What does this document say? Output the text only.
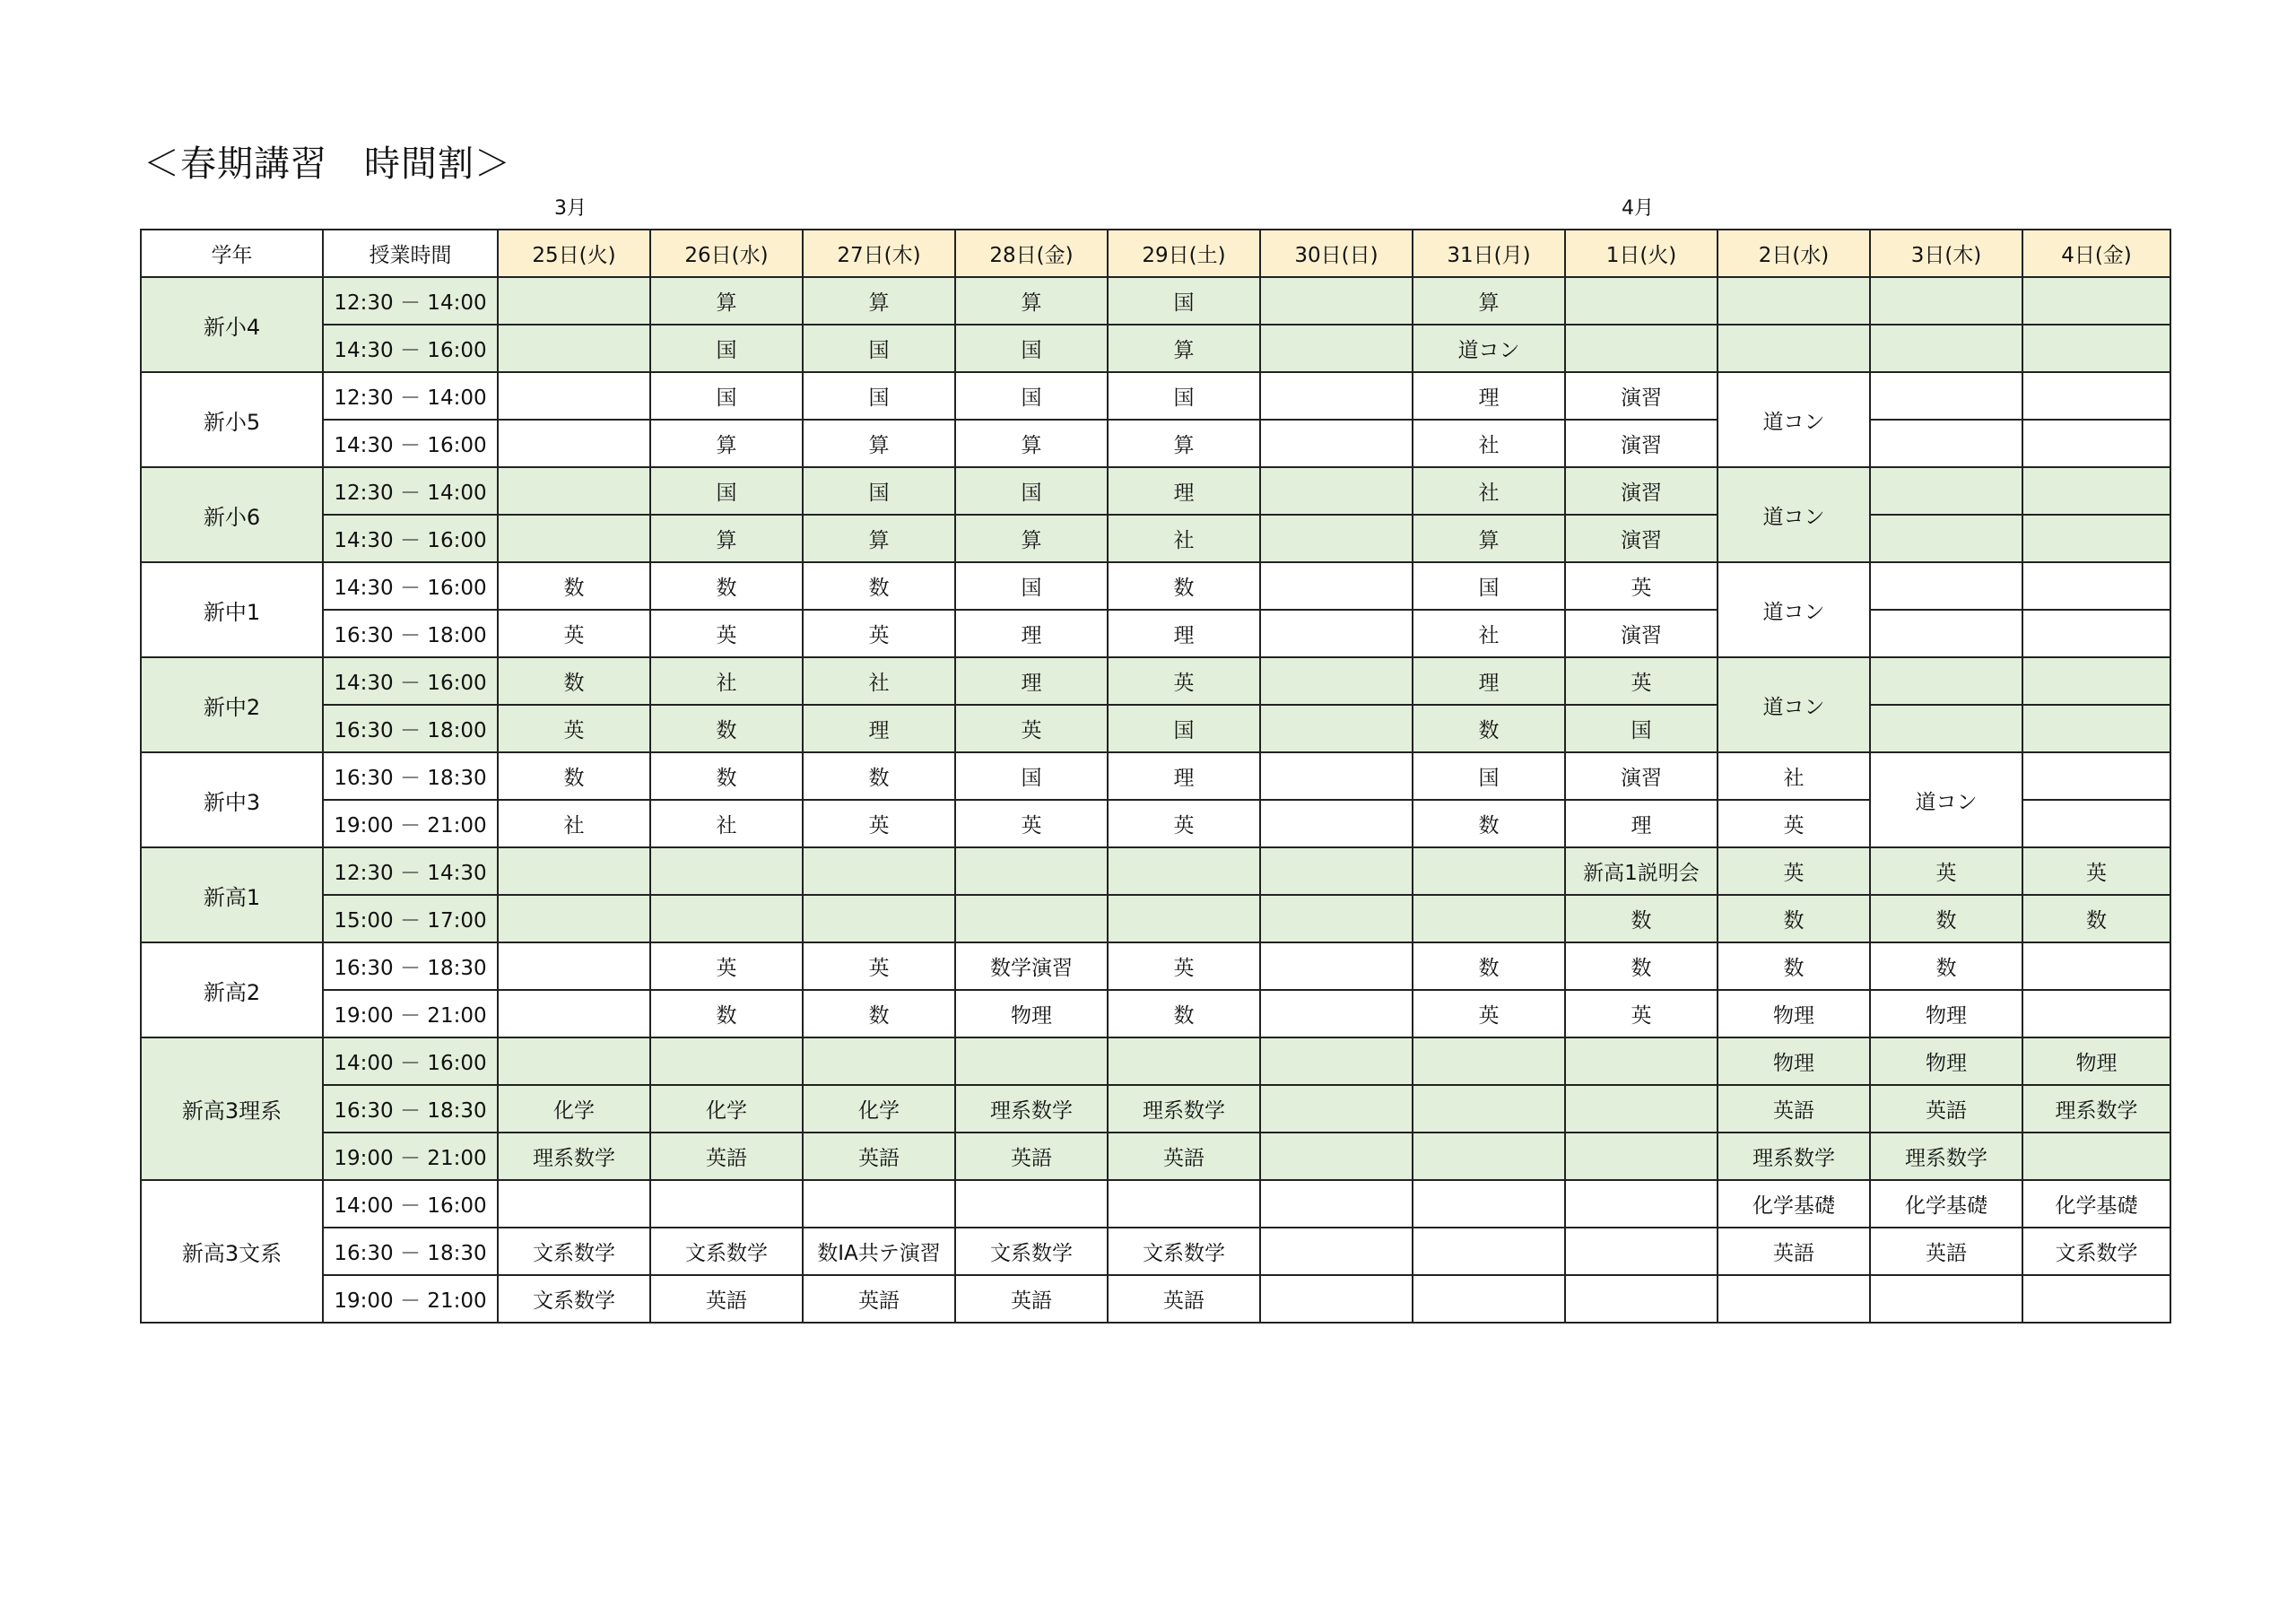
＜春期講習　時間割＞
3月	4月
学年	授業時間	25日(火)	26日(水)	27日(木)	28日(金)	29日(土)	30日(日)	31日(月)	1日(火)	2日(水)	3日(木)	4日(金)
新小4	12:30 － 14:00		算	算	算	国		算				
	14:30 － 16:00		国	国	国	算		道コン				
新小5	12:30 － 14:00		国	国	国	国		理	演習	道コン		
	14:30 － 16:00		算	算	算	算		社	演習			
新小6	12:30 － 14:00		国	国	国	理		社	演習	道コン		
	14:30 － 16:00		算	算	算	社		算	演習			
新中1	14:30 － 16:00	数	数	数	国	数		国	英	道コン		
	16:30 － 18:00	英	英	英	理	理		社	演習			
新中2	14:30 － 16:00	数	社	社	理	英		理	英	道コン		
	16:30 － 18:00	英	数	理	英	国		数	国			
新中3	16:30 － 18:30	数	数	数	国	理		国	演習	社	道コン	
	19:00 － 21:00	社	社	英	英	英		数	理	英		
新高1	12:30 － 14:30								新高1説明会	英	英	英
	15:00 － 17:00								数	数	数	数
新高2	16:30 － 18:30		英	英	数学演習	英		数	数	数	数	
	19:00 － 21:00		数	数	物理	数		英	英	物理	物理	
新高3理系	14:00 － 16:00									物理	物理	物理
	16:30 － 18:30	化学	化学	化学	理系数学	理系数学				英語	英語	理系数学
	19:00 － 21:00	理系数学	英語	英語	英語	英語				理系数学	理系数学	
新高3文系	14:00 － 16:00									化学基礎	化学基礎	化学基礎
	16:30 － 18:30	文系数学	文系数学	数IA共テ演習	文系数学	文系数学				英語	英語	文系数学
	19:00 － 21:00	文系数学	英語	英語	英語	英語						
